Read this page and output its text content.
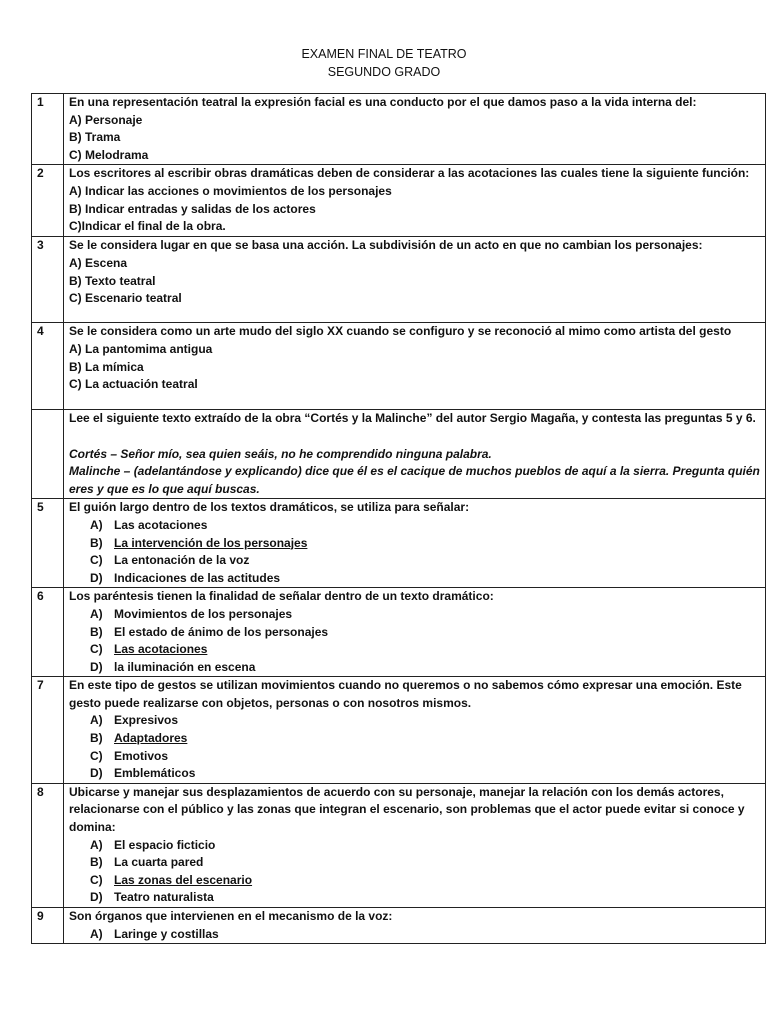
EXAMEN FINAL DE TEATRO
SEGUNDO GRADO
1	En una representación teatral la expresión facial es una conducto por el que damos paso a la vida interna del:
A) Personaje
B) Trama
C) Melodrama

2	Los escritores al escribir obras dramáticas deben de considerar a las acotaciones las cuales tiene la siguiente función:
A) Indicar las acciones o movimientos de los personajes
B) Indicar entradas y salidas de los actores
C)Indicar el final de la obra.

3	Se le considera lugar en que se basa una acción. La subdivisión de un acto en que no cambian los personajes:
A) Escena
B) Texto teatral
C) Escenario teatral

4	Se le considera como un arte mudo del siglo XX cuando se configuro y se reconoció al mimo como artista del gesto
A) La pantomima antigua
B) La mímica
C) La actuación teatral

	Lee el siguiente texto extraído de la obra “Cortés y la Malinche” del autor Sergio Magaña, y contesta las preguntas 5 y 6.
Cortés – Señor mío, sea quien seáis, no he comprendido ninguna palabra.
Malinche – (adelantándose y explicando) dice que él es el cacique de muchos pueblos de aquí a la sierra. Pregunta quién eres y que es lo que aquí buscas.

5	El guión largo dentro de los textos dramáticos, se utiliza para señalar:
A) Las acotaciones
B) La intervención de los personajes
C) La entonación de la voz
D) Indicaciones de las actitudes

6	Los paréntesis tienen la finalidad de señalar dentro de un texto dramático:
A) Movimientos de los personajes
B) El estado de ánimo de los personajes
C) Las acotaciones
D) la iluminación en escena

7	En este tipo de gestos se utilizan movimientos cuando no queremos o no sabemos cómo expresar una emoción. Este gesto puede realizarse con objetos, personas o con nosotros mismos.
A) Expresivos
B) Adaptadores
C) Emotivos
D) Emblemáticos

8	Ubicarse y manejar sus desplazamientos de acuerdo con su personaje, manejar la relación con los demás actores, relacionarse con el público y las zonas que integran el escenario, son problemas que el actor puede evitar si conoce y domina:
A) El espacio ficticio
B) La cuarta pared
C) Las zonas del escenario
D) Teatro naturalista

9	Son órganos que intervienen en el mecanismo de la voz:
A) Laringe y costillas
